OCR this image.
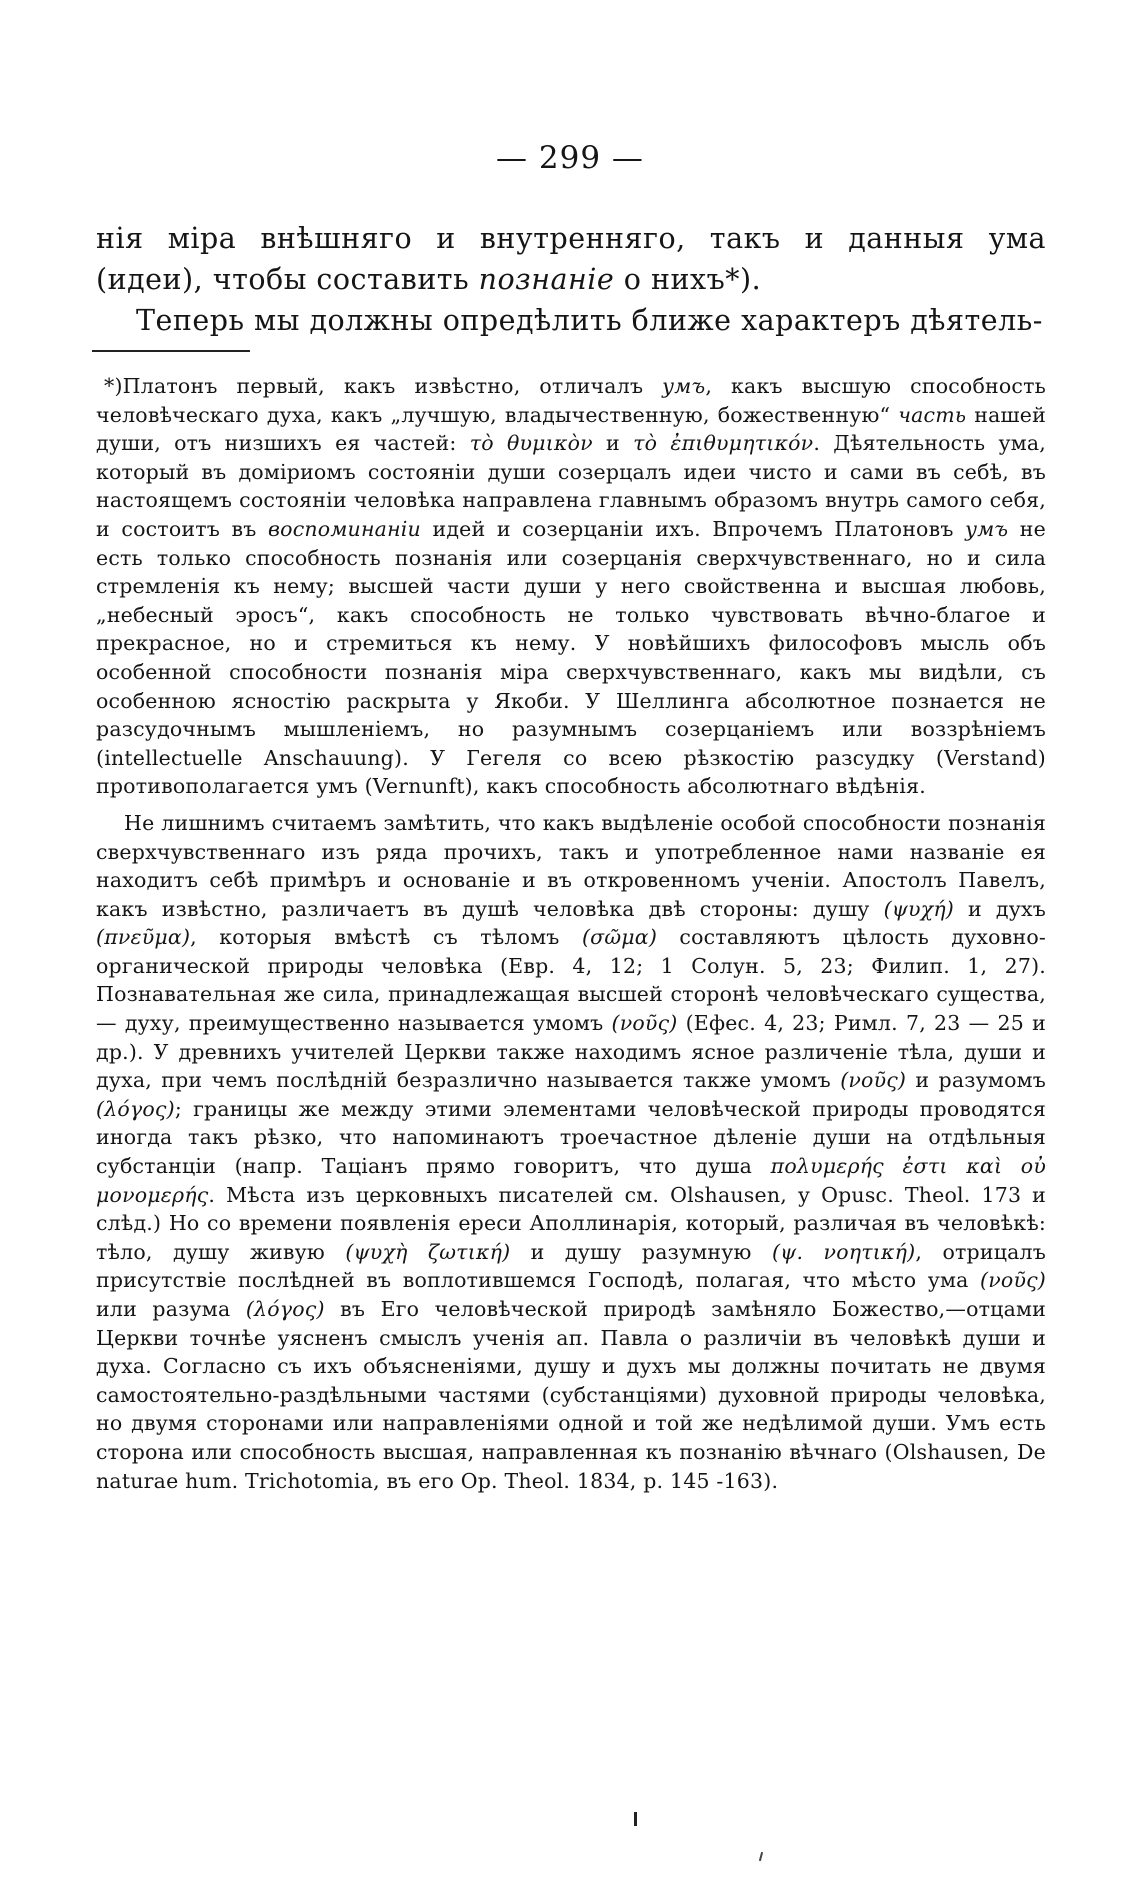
— 299 —

нія міра внѣшняго и внутренняго, такъ и данныя ума (идеи), чтобы составить познаніе о нихъ*).

Теперь мы должны опредѣлить ближе характеръ дѣятель-

*)Платонъ первый, какъ извѣстно, отличалъ умъ, какъ высшую способность человѣческаго духа, какъ „лучшую, владычественную, божественную“ часть нашей души, отъ низшихъ ея частей: τὸ θυμικὸν и τὸ ἐπιθυμητικόν. Дѣятельность ума, который въ доміриомъ состояніи души созерцалъ идеи чисто и сами въ себѣ, въ настоящемъ состояніи человѣка направлена главнымъ образомъ внутрь самого себя, и состоитъ въ воспоминаніи идей и созерцаніи ихъ. Впрочемъ Платоновъ умъ не есть только способность познанія или созерцанія сверхчувственнаго, но и сила стремленія къ нему; высшей части души у него свойственна и высшая любовь, „небесный эросъ“, какъ способность не только чувствовать вѣчно-благое и прекрасное, но и стремиться къ нему. У новѣйшихъ философовъ мысль объ особенной способности познанія міра сверхчувственнаго, какъ мы видѣли, съ особенною ясностію раскрыта у Якоби. У Шеллинга абсолютное познается не разсудочнымъ мышленіемъ, но разумнымъ созерцаніемъ или воззрѣніемъ (intellectuelle Anschauung). У Гегеля со всею рѣзкостію разсудку (Verstand) противополагается умъ (Vernunft), какъ способность абсолютнаго вѣдѣнія.

Не лишнимъ считаемъ замѣтить, что какъ выдѣленіе особой способности познанія сверхчувственнаго изъ ряда прочихъ, такъ и употребленное нами названіе ея находитъ себѣ примѣръ и основаніе и въ откровенномъ ученіи. Апостолъ Павелъ, какъ извѣстно, различаетъ въ душѣ человѣка двѣ стороны: душу (ψυχή) и духъ (πνεῦμα), которыя вмѣстѣ съ тѣломъ (σῶμα) составляютъ цѣлость духовно-органической природы человѣка (Евр. 4, 12; 1 Солун. 5, 23; Филип. 1, 27). Познавательная же сила, принадлежащая высшей сторонѣ человѣческаго существа, — духу, преимущественно называется умомъ (νοῦς) (Ефес. 4, 23; Римл. 7, 23 — 25 и др.). У древнихъ учителей Церкви также находимъ ясное различеніе тѣла, души и духа, при чемъ послѣдній безразлично называется также умомъ (νοῦς) и разумомъ (λόγος); границы же между этими элементами человѣческой природы проводятся иногда такъ рѣзко, что напоминаютъ троечастное дѣленіе души на отдѣльныя субстанціи (напр. Таціанъ прямо говоритъ, что душа πολυμερής ἐστι καὶ οὐ μονομερής. Мѣста изъ церковныхъ писателей см. Olshausen, у Opusc. Theol. 173 и слѣд.) Но со времени появленія ереси Аполлинарія, который, различая въ человѣкѣ: тѣло, душу живую (ψυχὴ ζωτική) и душу разумную (ψ. νοητική), отрицалъ присутствіе послѣдней въ воплотившемся Господѣ, полагая, что мѣсто ума (νοῦς) или разума (λόγος) въ Его человѣческой природѣ замѣняло Божество,—отцами Церкви точнѣе уясненъ смыслъ ученія ап. Павла о различіи въ человѣкѣ души и духа. Согласно съ ихъ объясненіями, душу и духъ мы должны почитать не двумя самостоятельно-раздѣльными частями (субстанціями) духовной природы человѣка, но двумя сторонами или направленіями одной и той же недѣлимой души. Умъ есть сторона или способность высшая, направленная къ познанію вѣчнаго (Olshausen, De naturae hum. Trichotomia, въ его Op. Theol. 1834, p. 145 -163).
